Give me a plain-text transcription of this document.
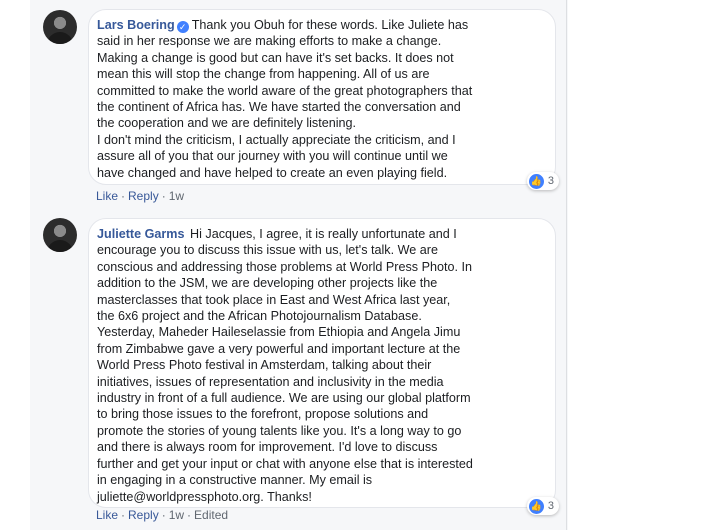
Lars Boering ✓ Thank you Obuh for these words. Like Juliete has
said in her response we are making efforts to make a change.
Making a change is good but can have it's set backs. It does not
mean this will stop the change from happening. All of us are
committed to make the world aware of the great photographers that
the continent of Africa has. We have started the conversation and
the cooperation and we are definitely listening.
I don't mind the criticism, I actually appreciate the criticism, and I
assure all of you that our journey with you will continue until we
have changed and have helped to create an even playing field.
👍 3
Like · Reply · 1w
Juliette Garms Hi Jacques, I agree, it is really unfortunate and I
encourage you to discuss this issue with us, let's talk. We are
conscious and addressing those problems at World Press Photo. In
addition to the JSM, we are developing other projects like the
masterclasses that took place in East and West Africa last year,
the 6x6 project and the African Photojournalism Database.
Yesterday, Maheder Haileselassie from Ethiopia and Angela Jimu
from Zimbabwe gave a very powerful and important lecture at the
World Press Photo festival in Amsterdam, talking about their
initiatives, issues of representation and inclusivity in the media
industry in front of a full audience. We are using our global platform
to bring those issues to the forefront, propose solutions and
promote the stories of young talents like you. It's a long way to go
and there is always room for improvement. I'd love to discuss
further and get your input or chat with anyone else that is interested
in engaging in a constructive manner. My email is
juliette@worldpressphoto.org. Thanks!
👍 3
Like · Reply · 1w · Edited
